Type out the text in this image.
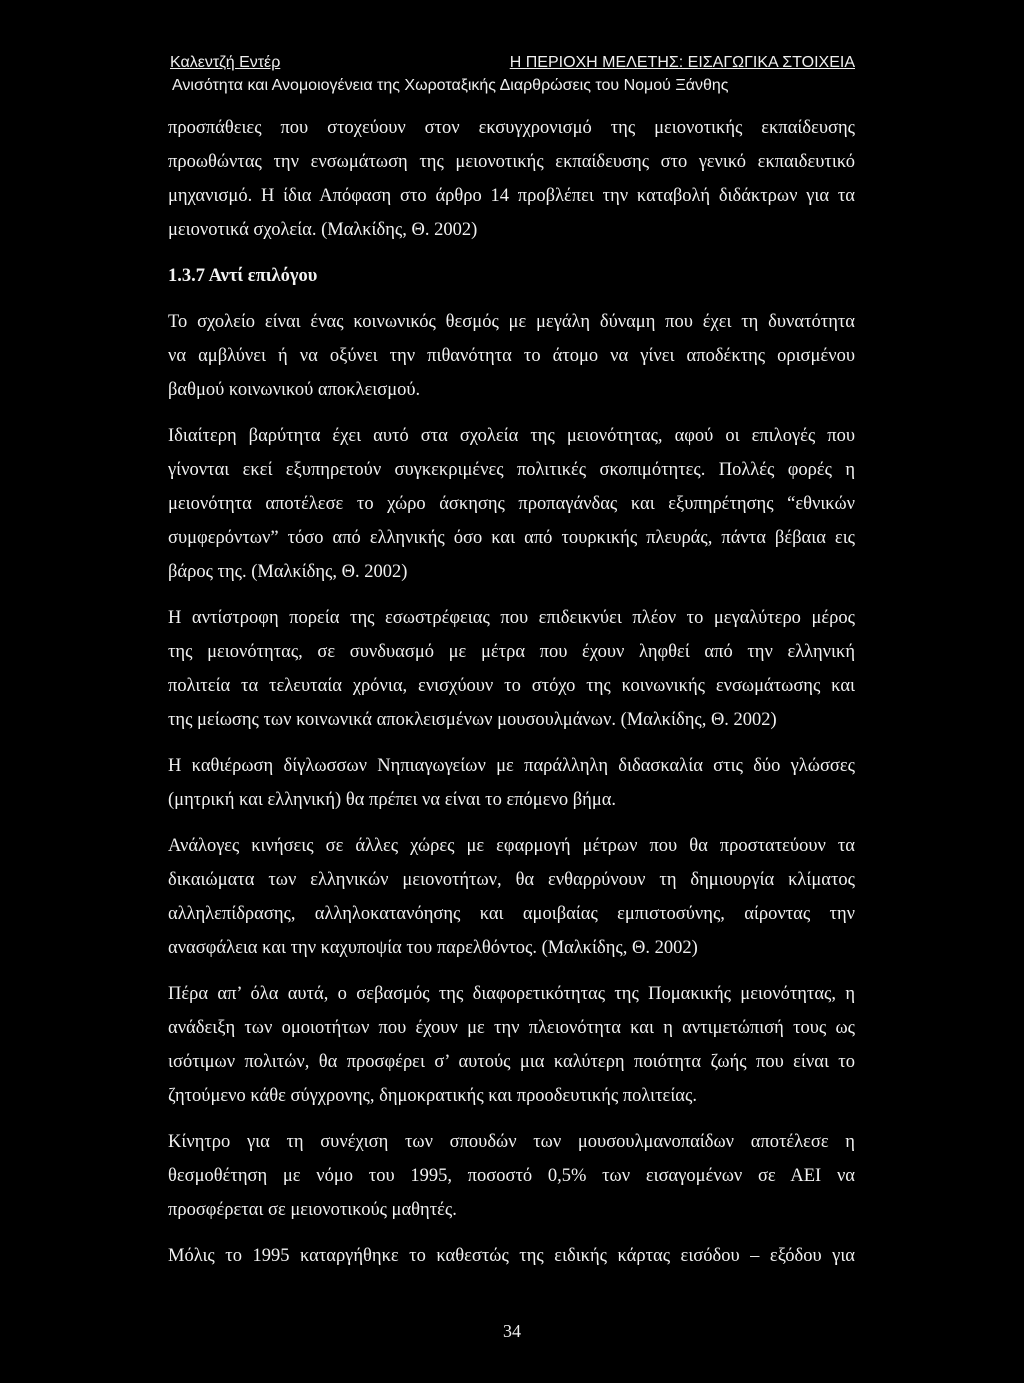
Καλεντζή Εντέρ	Η ΠΕΡΙΟΧΗ ΜΕΛΕΤΗΣ: ΕΙΣΑΓΩΓΙΚΑ ΣΤΟΙΧΕΙΑ
Ανισότητα και Ανομοιογένεια της Χωροταξικής Διαρθρώσεις του Νομού Ξάνθης
προσπάθειες που στοχεύουν στον εκσυγχρονισμό της μειονοτικής εκπαίδευσης
προωθώντας την ενσωμάτωση της μειονοτικής εκπαίδευσης στο γενικό εκπαιδευτικό
μηχανισμό. Η ίδια Απόφαση στο άρθρο 14 προβλέπει την καταβολή διδάκτρων για τα
μειονοτικά σχολεία. (Μαλκίδης, Θ. 2002)
1.3.7 Αντί επιλόγου
Το σχολείο είναι ένας κοινωνικός θεσμός με μεγάλη δύναμη που έχει τη δυνατότητα
να αμβλύνει ή να οξύνει την πιθανότητα το άτομο να γίνει αποδέκτης ορισμένου
βαθμού κοινωνικού αποκλεισμού.
Ιδιαίτερη βαρύτητα έχει αυτό στα σχολεία της μειονότητας, αφού οι επιλογές που
γίνονται εκεί εξυπηρετούν συγκεκριμένες πολιτικές σκοπιμότητες. Πολλές φορές η
μειονότητα αποτέλεσε το χώρο άσκησης προπαγάνδας και εξυπηρέτησης “εθνικών
συμφερόντων” τόσο από ελληνικής όσο και από τουρκικής πλευράς, πάντα βέβαια εις
βάρος της. (Μαλκίδης, Θ. 2002)
Η αντίστροφη πορεία της εσωστρέφειας που επιδεικνύει πλέον το μεγαλύτερο μέρος
της μειονότητας, σε συνδυασμό με μέτρα που έχουν ληφθεί από την ελληνική
πολιτεία τα τελευταία χρόνια, ενισχύουν το στόχο της κοινωνικής ενσωμάτωσης και
της μείωσης των κοινωνικά αποκλεισμένων μουσουλμάνων. (Μαλκίδης, Θ. 2002)
Η καθιέρωση δίγλωσσων Νηπιαγωγείων με παράλληλη διδασκαλία στις δύο γλώσσες
(μητρική και ελληνική) θα πρέπει να είναι το επόμενο βήμα.
Ανάλογες κινήσεις σε άλλες χώρες με εφαρμογή μέτρων που θα προστατεύουν τα
δικαιώματα των ελληνικών μειονοτήτων, θα ενθαρρύνουν τη δημιουργία κλίματος
αλληλεπίδρασης, αλληλοκατανόησης και αμοιβαίας εμπιστοσύνης, αίροντας την
ανασφάλεια και την καχυποψία του παρελθόντος. (Μαλκίδης, Θ. 2002)
Πέρα απ’ όλα αυτά, ο σεβασμός της διαφορετικότητας της Πομακικής μειονότητας, η
ανάδειξη των ομοιοτήτων που έχουν με την πλειονότητα και η αντιμετώπισή τους ως
ισότιμων πολιτών, θα προσφέρει σ’ αυτούς μια καλύτερη ποιότητα ζωής που είναι το
ζητούμενο κάθε σύγχρονης, δημοκρατικής και προοδευτικής πολιτείας.
Κίνητρο για τη συνέχιση των σπουδών των μουσουλμανοπαίδων αποτέλεσε η
θεσμοθέτηση με νόμο του 1995, ποσοστό 0,5% των εισαγομένων σε ΑΕΙ να
προσφέρεται σε μειονοτικούς μαθητές.
Μόλις το 1995 καταργήθηκε το καθεστώς της ειδικής κάρτας εισόδου – εξόδου για
34
